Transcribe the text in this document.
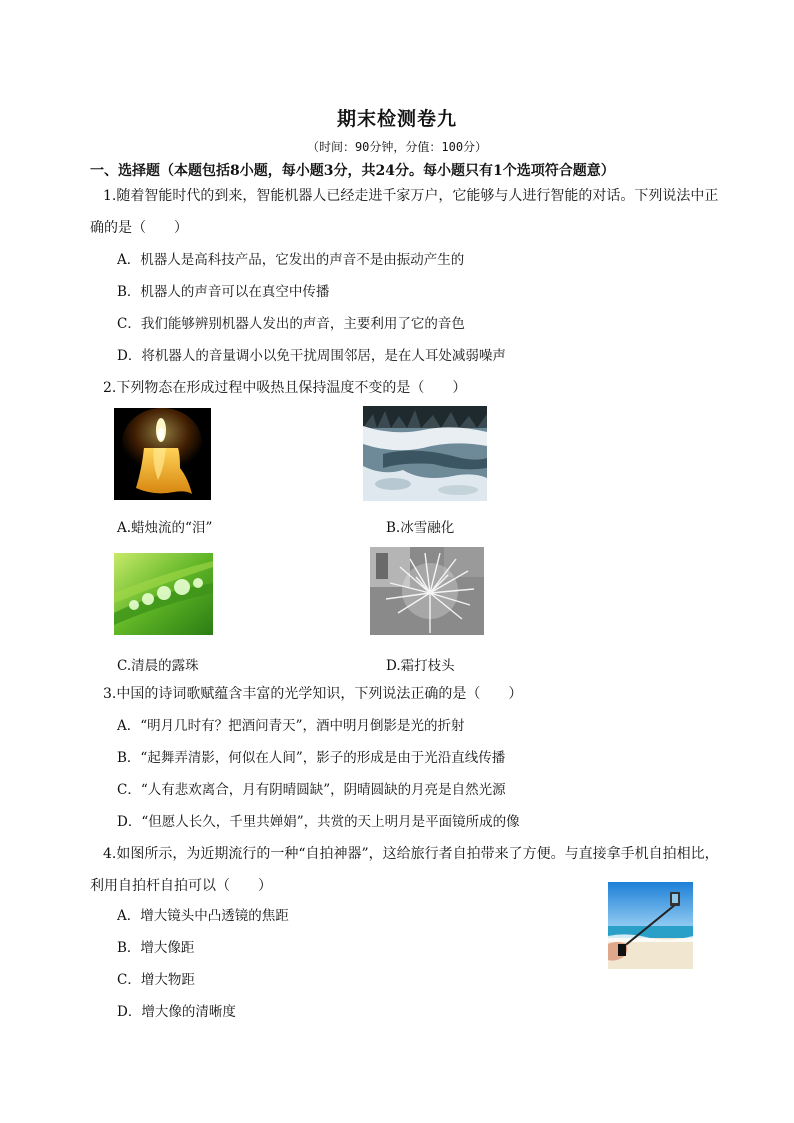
期末检测卷九
（时间：90分钟，分值：100分）
一、选择题（本题包括8小题，每小题3分，共24分。每小题只有1个选项符合题意）
1.随着智能时代的到来，智能机器人已经走进千家万户，它能够与人进行智能的对话。下列说法中正
确的是（　　）
A．机器人是高科技产品，它发出的声音不是由振动产生的
B．机器人的声音可以在真空中传播
C．我们能够辨别机器人发出的声音，主要利用了它的音色
D．将机器人的音量调小以免干扰周围邻居，是在人耳处减弱噪声
2.下列物态在形成过程中吸热且保持温度不变的是（　　）
A.蜡烛流的“泪”	B.冰雪融化
C.清晨的露珠	D.霜打枝头
3.中国的诗词歌赋蕴含丰富的光学知识，下列说法正确的是（　　）
A．“明月几时有？把酒问青天”，酒中明月倒影是光的折射
B．“起舞弄清影，何似在人间”，影子的形成是由于光沿直线传播
C．“人有悲欢离合，月有阴晴圆缺”，阴晴圆缺的月亮是自然光源
D．“但愿人长久，千里共婵娟”，共赏的天上明月是平面镜所成的像
4.如图所示，为近期流行的一种“自拍神器”，这给旅行者自拍带来了方便。与直接拿手机自拍相比，
利用自拍杆自拍可以（　　）
A．增大镜头中凸透镜的焦距
B．增大像距
C．增大物距
D．增大像的清晰度
